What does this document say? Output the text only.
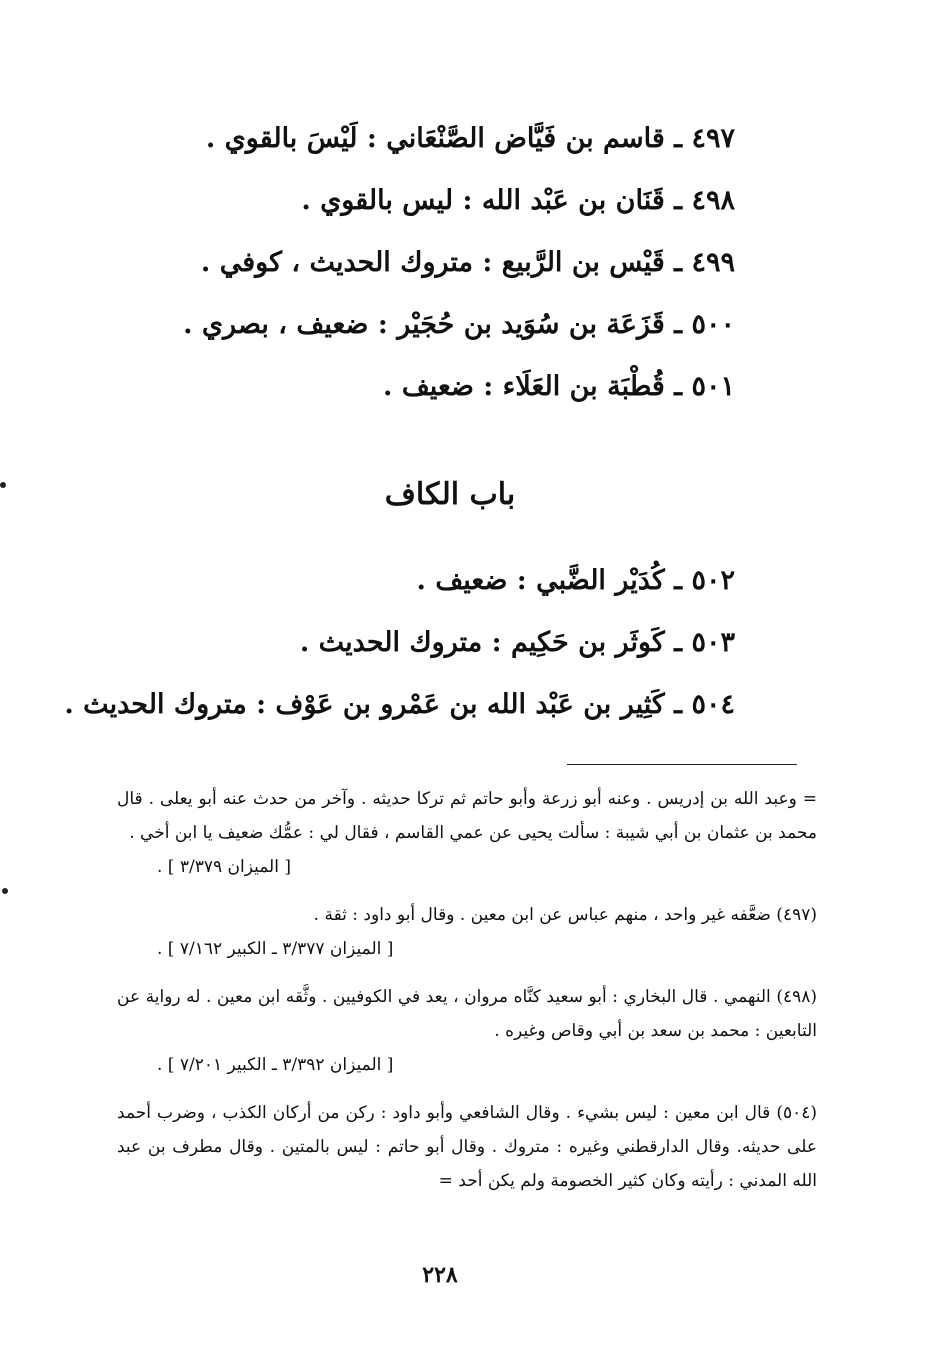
٤٩٧ ـ قاسم بن فَيَّاض الصَّنْعَاني : لَيْسَ بالقوي .
٤٩٨ ـ قَنَان بن عَبْد الله : ليس بالقوي .
٤٩٩ ـ قَيْس بن الرَّبيع : متروك الحديث ، كوفي .
٥٠٠ ـ قَزَعَة بن سُوَيد بن حُجَيْر : ضعيف ، بصري .
٥٠١ ـ قُطْبَة بن العَلَاء : ضعيف .
باب الكاف
٥٠٢ ـ كُدَيْر الضَّبي : ضعيف .
٥٠٣ ـ كَوثَر بن حَكِيم : متروك الحديث .
٥٠٤ ـ كَثِير بن عَبْد الله بن عَمْرو بن عَوْف : متروك الحديث .

= وعبد الله بن إدريس . وعنه أبو زرعة وأبو حاتم ثم تركا حديثه . وآخر من حدث عنه أبو يعلى . قال محمد بن عثمان بن أبي شيبة : سألت يحيى عن عمي القاسم ، فقال لي : عمُّك ضعيف يا ابن أخي .

[ الميزان ٣/٣٧٩ ] .

(٤٩٧) ضعَّفه غير واحد ، منهم عباس عن ابن معين . وقال أبو داود : ثقة .

[ الميزان ٣/٣٧٧ ـ الكبير ٧/١٦٢ ] .

(٤٩٨) النهمي . قال البخاري : أبو سعيد كنَّاه مروان ، يعد في الكوفيين . وثَّقه ابن معين . له رواية عن التابعين : محمد بن سعد بن أبي وقاص وغيره .

[ الميزان ٣/٣٩٢ ـ الكبير ٧/٢٠١ ] .

(٥٠٤) قال ابن معين : ليس بشيء . وقال الشافعي وأبو داود : ركن من أركان الكذب ، وضرب أحمد على حديثه. وقال الدارقطني وغيره : متروك . وقال أبو حاتم : ليس بالمتين . وقال مطرف بن عبد الله المدني : رأيته وكان كثير الخصومة ولم يكن أحد =

٢٢٨
